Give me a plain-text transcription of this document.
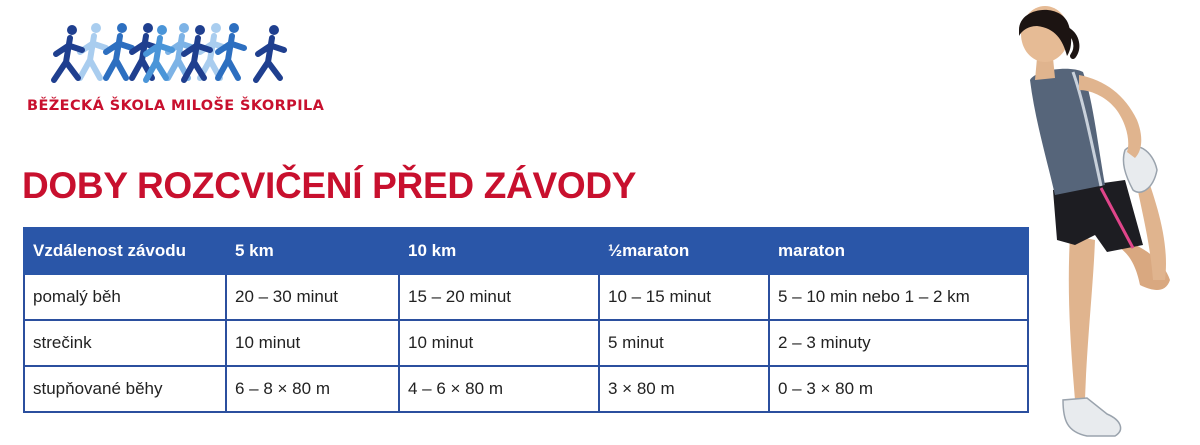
BĚŽECKÁ ŠKOLA MILOŠE ŠKORPILA
DOBY ROZCVIČENÍ PŘED ZÁVODY
Vzdálenost závodu	5 km	10 km	½maraton	maraton
pomalý běh	20 – 30 minut	15 – 20 minut	10 – 15 minut	5 – 10 min nebo 1 – 2 km
strečink	10 minut	10 minut	5 minut	2 – 3 minuty
stupňované běhy	6 – 8 × 80 m	4 – 6 × 80 m	3 × 80 m	0 – 3 × 80 m
